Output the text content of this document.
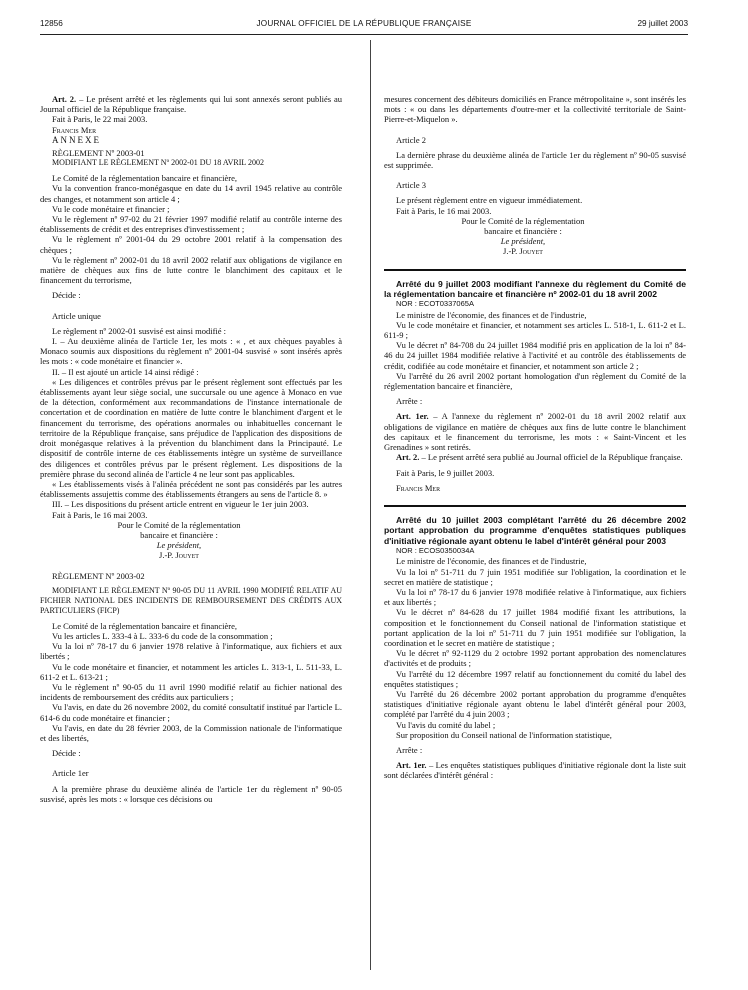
12856	JOURNAL OFFICIEL DE LA RÉPUBLIQUE FRANÇAISE	29 juillet 2003

Art. 2. – Le présent arrêté et les règlements qui lui sont annexés seront publiés au Journal officiel de la République française.

Fait à Paris, le 22 mai 2003.

Francis Mer

ANNEXE

RÈGLEMENT Nº 2003-01

MODIFIANT LE RÈGLEMENT Nº 2002-01 DU 18 AVRIL 2002

Le Comité de la réglementation bancaire et financière,

Vu la convention franco-monégasque en date du 14 avril 1945 relative au contrôle des changes, et notamment son article 4 ;

Vu le code monétaire et financier ;

Vu le règlement nº 97-02 du 21 février 1997 modifié relatif au contrôle interne des établissements de crédit et des entreprises d'investissement ;

Vu le règlement nº 2001-04 du 29 octobre 2001 relatif à la compensation des chèques ;

Vu le règlement nº 2002-01 du 18 avril 2002 relatif aux obligations de vigilance en matière de chèques aux fins de lutte contre le blanchiment des capitaux et le financement du terrorisme,

Décide :

Article unique

Le règlement nº 2002-01 susvisé est ainsi modifié :

I. – Au deuxième alinéa de l'article 1er, les mots : « , et aux chèques payables à Monaco soumis aux dispositions du règlement nº 2001-04 susvisé » sont insérés après les mots : « code monétaire et financier ».

II. – Il est ajouté un article 14 ainsi rédigé :

« Les diligences et contrôles prévus par le présent règlement sont effectués par les établissements ayant leur siège social, une succursale ou une agence à Monaco en vue de la détection, conformément aux recommandations de l'instance internationale de concertation et de coordination en matière de lutte contre le blanchiment d'argent et le financement du terrorisme, des opérations anormales ou inhabituelles concernant le territoire de la République française, sans préjudice de l'application des dispositions de droit monégasque relatives à la prévention du blanchiment dans la Principauté. Le dispositif de contrôle interne de ces établissements intègre un système de surveillance des diligences et contrôles prévus par le présent règlement. Les dispositions de la première phrase du second alinéa de l'article 4 ne leur sont pas applicables.

« Les établissements visés à l'alinéa précédent ne sont pas considérés par les autres établissements assujettis comme des établissements étrangers au sens de l'article 8. »

III. – Les dispositions du présent article entrent en vigueur le 1er juin 2003.

Fait à Paris, le 16 mai 2003.

Pour le Comité de la réglementation
bancaire et financière :
Le président,
J.-P. Jouyet

RÈGLEMENT Nº 2003-02

MODIFIANT LE RÈGLEMENT Nº 90-05 DU 11 AVRIL 1990 MODIFIÉ RELATIF AU FICHIER NATIONAL DES INCIDENTS DE REMBOURSEMENT DES CRÉDITS AUX PARTICULIERS (FICP)

Le Comité de la réglementation bancaire et financière,

Vu les articles L. 333-4 à L. 333-6 du code de la consommation ;

Vu la loi nº 78-17 du 6 janvier 1978 relative à l'informatique, aux fichiers et aux libertés ;

Vu le code monétaire et financier, et notamment les articles L. 313-1, L. 511-33, L. 611-2 et L. 613-21 ;

Vu le règlement nº 90-05 du 11 avril 1990 modifié relatif au fichier national des incidents de remboursement des crédits aux particuliers ;

Vu l'avis, en date du 26 novembre 2002, du comité consultatif institué par l'article L. 614-6 du code monétaire et financier ;

Vu l'avis, en date du 28 février 2003, de la Commission nationale de l'informatique et des libertés,

Décide :

Article 1er

A la première phrase du deuxième alinéa de l'article 1er du règlement nº 90-05 susvisé, après les mots : « lorsque ces décisions ou

mesures concernent des débiteurs domiciliés en France métropolitaine », sont insérés les mots : « ou dans les départements d'outre-mer et la collectivité territoriale de Saint-Pierre-et-Miquelon ».

Article 2

La dernière phrase du deuxième alinéa de l'article 1er du règlement nº 90-05 susvisé est supprimée.

Article 3

Le présent règlement entre en vigueur immédiatement.

Fait à Paris, le 16 mai 2003.

Pour le Comité de la réglementation
bancaire et financière :
Le président,
J.-P. Jouyet

Arrêté du 9 juillet 2003 modifiant l'annexe du règlement du Comité de la réglementation bancaire et financière nº 2002-01 du 18 avril 2002

NOR : ECOT0337065A

Le ministre de l'économie, des finances et de l'industrie,

Vu le code monétaire et financier, et notamment ses articles L. 518-1, L. 611-2 et L. 611-9 ;

Vu le décret nº 84-708 du 24 juillet 1984 modifié pris en application de la loi nº 84-46 du 24 juillet 1984 modifiée relative à l'activité et au contrôle des établissements de crédit, codifiée au code monétaire et financier, et notamment son article 2 ;

Vu l'arrêté du 26 avril 2002 portant homologation d'un règlement du Comité de la réglementation bancaire et financière,

Arrête :

Art. 1er. – A l'annexe du règlement nº 2002-01 du 18 avril 2002 relatif aux obligations de vigilance en matière de chèques aux fins de lutte contre le blanchiment des capitaux et le financement du terrorisme, les mots : « Saint-Vincent et les Grenadines » sont retirés.

Art. 2. – Le présent arrêté sera publié au Journal officiel de la République française.

Fait à Paris, le 9 juillet 2003.

Francis Mer

Arrêté du 10 juillet 2003 complétant l'arrêté du 26 décembre 2002 portant approbation du programme d'enquêtes statistiques publiques d'initiative régionale ayant obtenu le label d'intérêt général pour 2003

NOR : ECOS0350034A

Le ministre de l'économie, des finances et de l'industrie,

Vu la loi nº 51-711 du 7 juin 1951 modifiée sur l'obligation, la coordination et le secret en matière de statistique ;

Vu la loi nº 78-17 du 6 janvier 1978 modifiée relative à l'informatique, aux fichiers et aux libertés ;

Vu le décret nº 84-628 du 17 juillet 1984 modifié fixant les attributions, la composition et le fonctionnement du Conseil national de l'information statistique et portant application de la loi nº 51-711 du 7 juin 1951 modifiée sur l'obligation, la coordination et le secret en matière de statistique ;

Vu le décret nº 92-1129 du 2 octobre 1992 portant approbation des nomenclatures d'activités et de produits ;

Vu l'arrêté du 12 décembre 1997 relatif au fonctionnement du comité du label des enquêtes statistiques ;

Vu l'arrêté du 26 décembre 2002 portant approbation du programme d'enquêtes statistiques d'initiative régionale ayant obtenu le label d'intérêt général pour 2003, complété par l'arrêté du 4 juin 2003 ;

Vu l'avis du comité du label ;

Sur proposition du Conseil national de l'information statistique,

Arrête :

Art. 1er. – Les enquêtes statistiques publiques d'initiative régionale dont la liste suit sont déclarées d'intérêt général :
